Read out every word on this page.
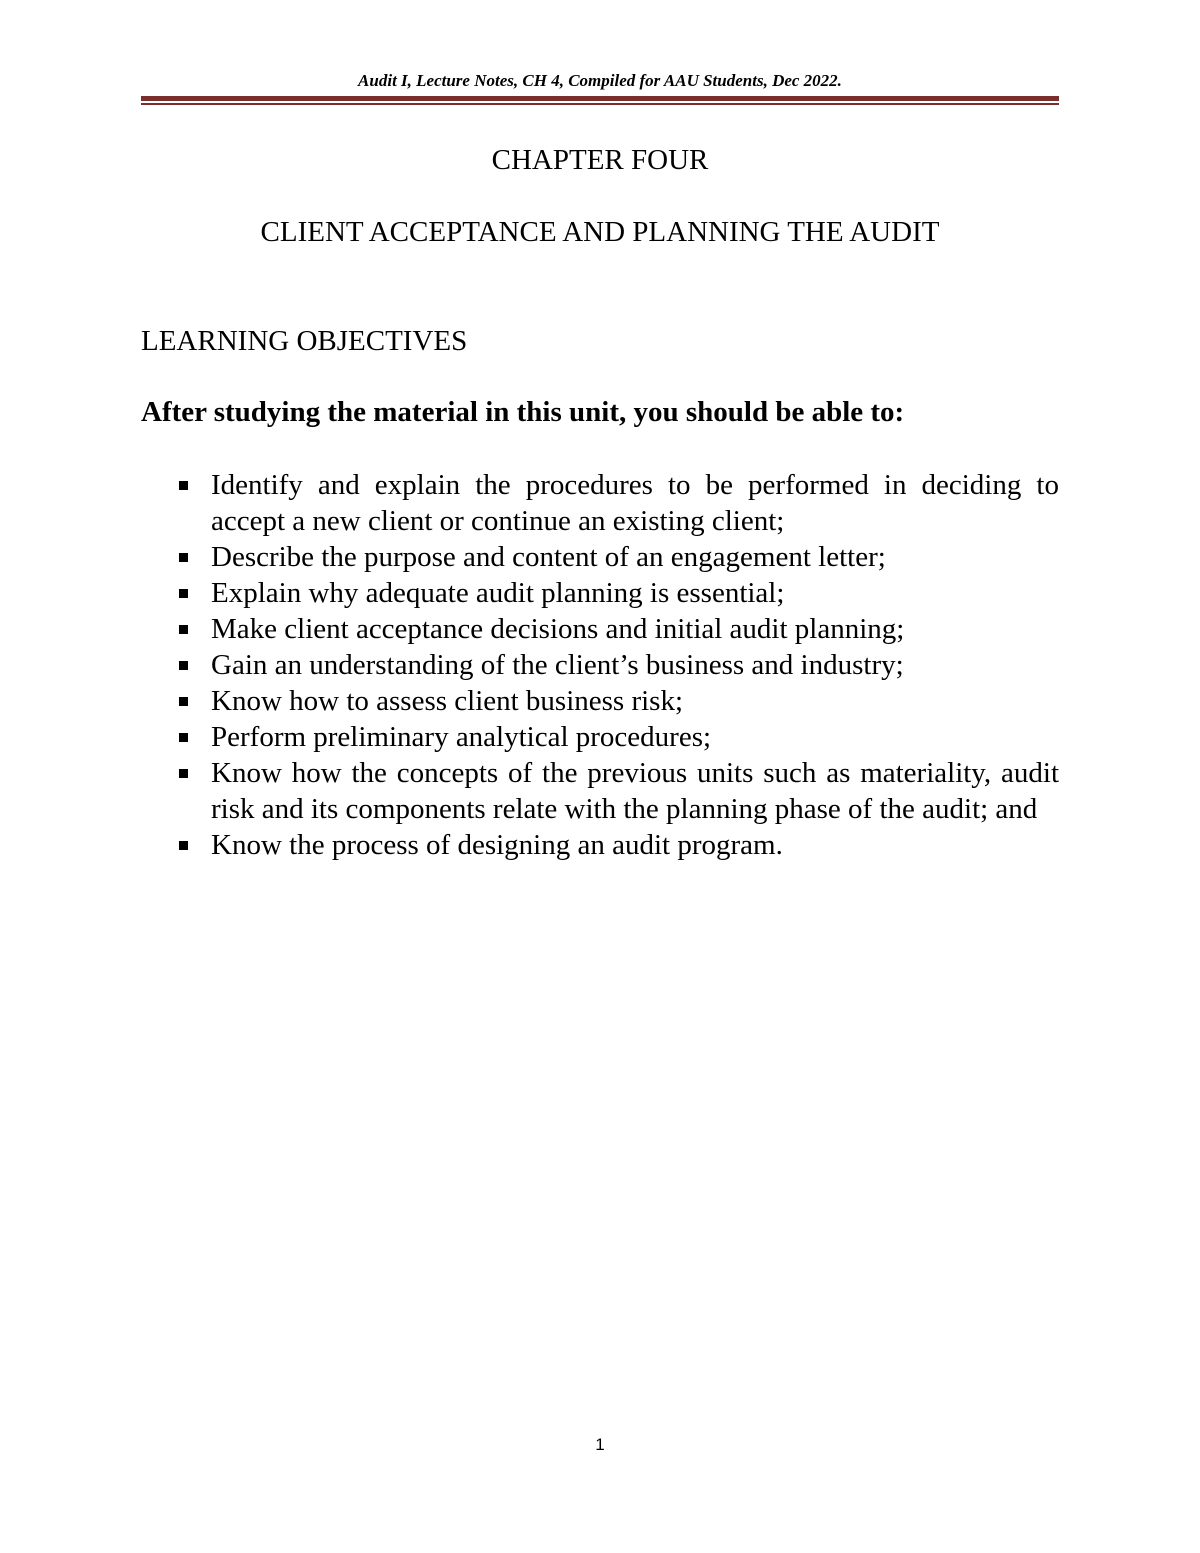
Audit I, Lecture Notes, CH 4, Compiled for AAU Students, Dec 2022.
CHAPTER FOUR
CLIENT ACCEPTANCE AND PLANNING THE AUDIT
LEARNING OBJECTIVES
After studying the material in this unit, you should be able to:
Identify and explain the procedures to be performed in deciding to accept a new client or continue an existing client;
Describe the purpose and content of an engagement letter;
Explain why adequate audit planning is essential;
Make client acceptance decisions and initial audit planning;
Gain an understanding of the client’s business and industry;
Know how to assess client business risk;
Perform preliminary analytical procedures;
Know how the concepts of the previous units such as materiality, audit risk and its components relate with the planning phase of the audit; and
Know the process of designing an audit program.
1
